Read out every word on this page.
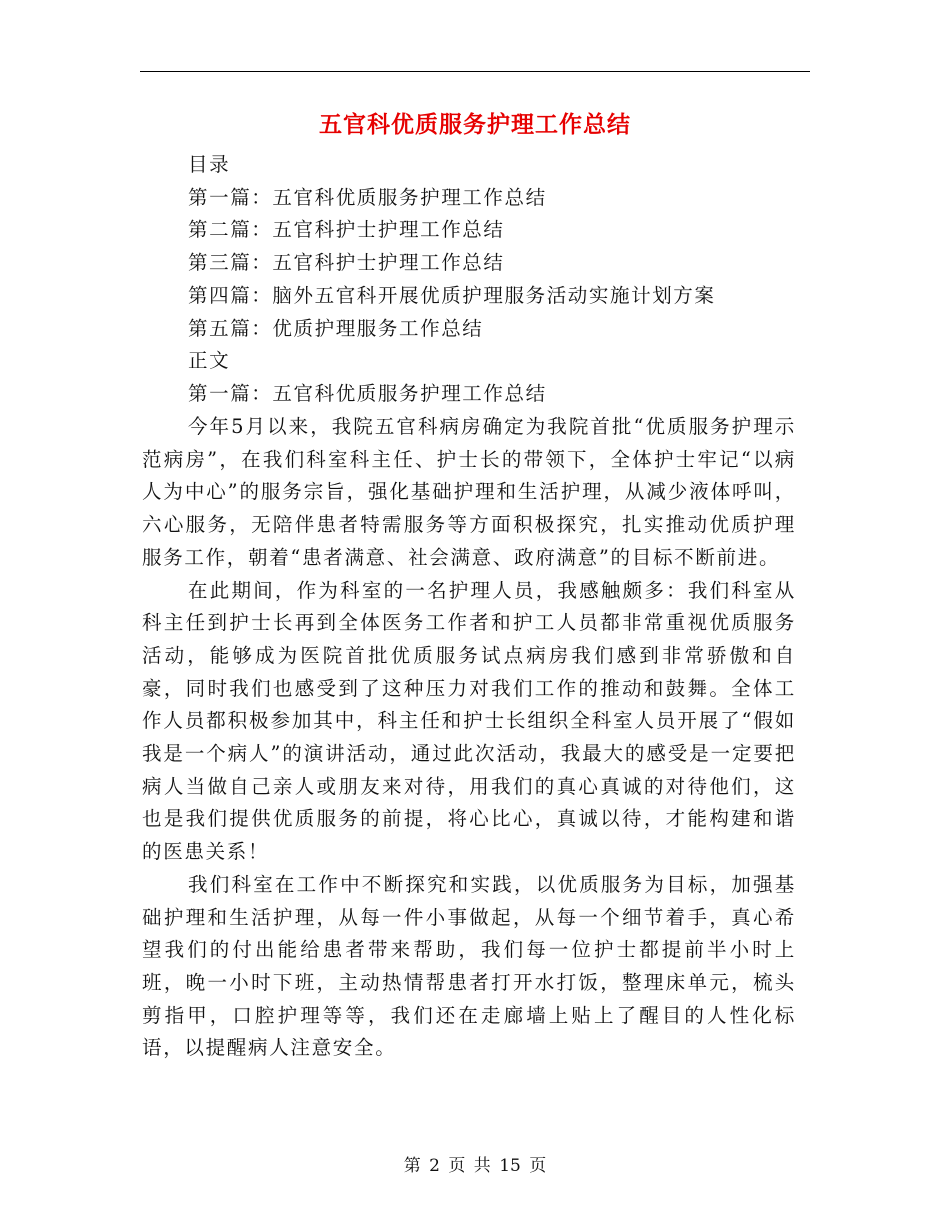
五官科优质服务护理工作总结
目录
第一篇：五官科优质服务护理工作总结
第二篇：五官科护士护理工作总结
第三篇：五官科护士护理工作总结
第四篇：脑外五官科开展优质护理服务活动实施计划方案
第五篇：优质护理服务工作总结
正文
第一篇：五官科优质服务护理工作总结

今年5月以来，我院五官科病房确定为我院首批“优质服务护理示范病房”，在我们科室科主任、护士长的带领下，全体护士牢记“以病人为中心”的服务宗旨，强化基础护理和生活护理，从减少液体呼叫，六心服务，无陪伴患者特需服务等方面积极探究，扎实推动优质护理服务工作，朝着“患者满意、社会满意、政府满意”的目标不断前进。

在此期间，作为科室的一名护理人员，我感触颇多：我们科室从科主任到护士长再到全体医务工作者和护工人员都非常重视优质服务活动，能够成为医院首批优质服务试点病房我们感到非常骄傲和自豪，同时我们也感受到了这种压力对我们工作的推动和鼓舞。全体工作人员都积极参加其中，科主任和护士长组织全科室人员开展了“假如我是一个病人”的演讲活动，通过此次活动，我最大的感受是一定要把病人当做自己亲人或朋友来对待，用我们的真心真诚的对待他们，这也是我们提供优质服务的前提，将心比心，真诚以待，才能构建和谐的医患关系！

我们科室在工作中不断探究和实践，以优质服务为目标，加强基础护理和生活护理，从每一件小事做起，从每一个细节着手，真心希望我们的付出能给患者带来帮助，我们每一位护士都提前半小时上班，晚一小时下班，主动热情帮患者打开水打饭，整理床单元，梳头剪指甲，口腔护理等等，我们还在走廊墙上贴上了醒目的人性化标语，以提醒病人注意安全。

第 2 页 共 15 页
